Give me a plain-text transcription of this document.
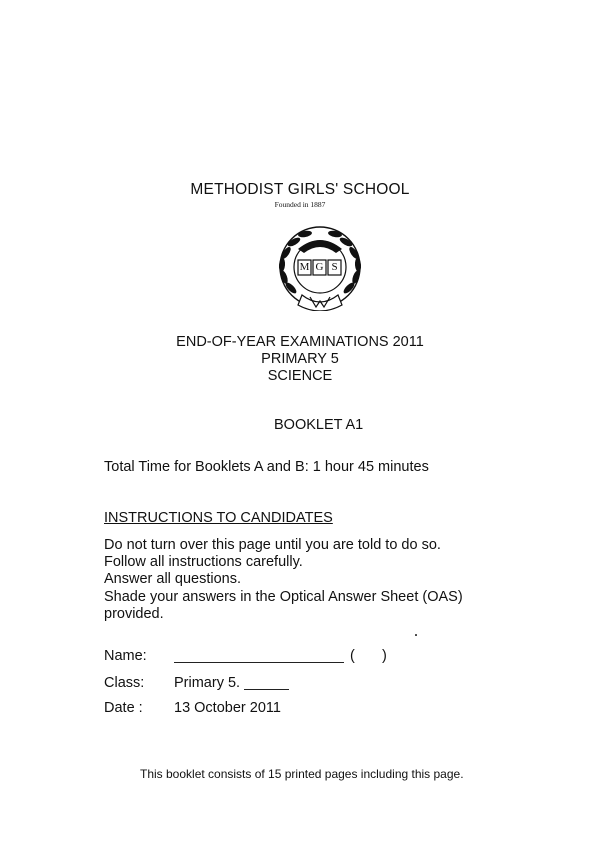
METHODIST GIRLS' SCHOOL
Founded in 1887
M G S
END-OF-YEAR EXAMINATIONS 2011
PRIMARY 5
SCIENCE
BOOKLET A1
Total Time for Booklets A and B: 1 hour 45 minutes
INSTRUCTIONS TO CANDIDATES
Do not turn over this page until you are told to do so.
Follow all instructions carefully.
Answer all questions.
Shade your answers in the Optical Answer Sheet (OAS)
provided.
Name:	( )
Class: Primary 5.
Date : 13 October 2011
This booklet consists of 15 printed pages including this page.
